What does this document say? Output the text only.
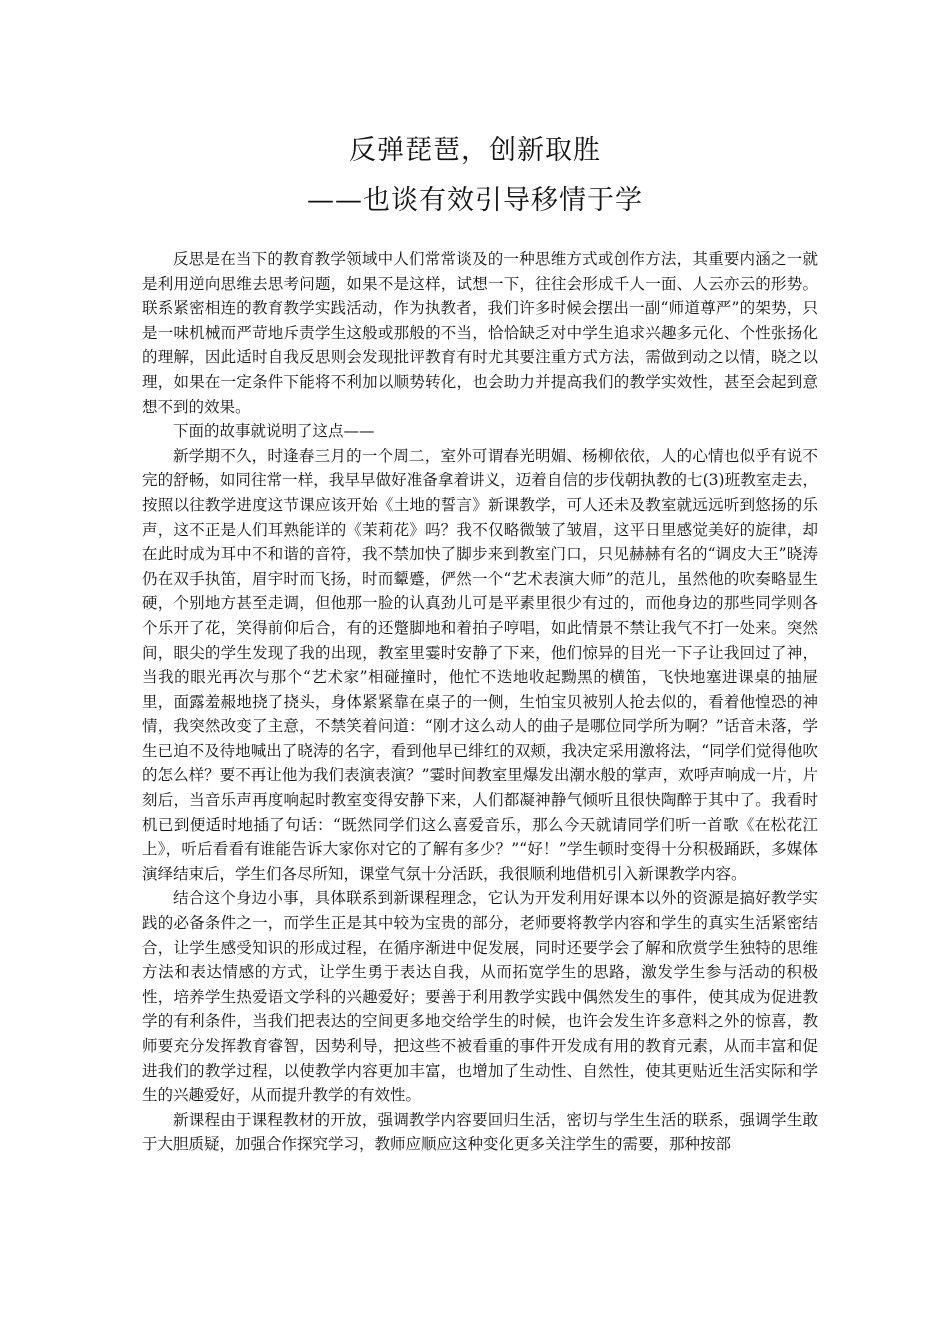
反弹琵琶，创新取胜
——也谈有效引导移情于学

反思是在当下的教育教学领域中人们常常谈及的一种思维方式或创作方法，其重要内涵之一就是利用逆向思维去思考问题，如果不是这样，试想一下，往往会形成千人一面、人云亦云的形势。联系紧密相连的教育教学实践活动，作为执教者，我们许多时候会摆出一副“师道尊严”的架势，只是一味机械而严苛地斥责学生这般或那般的不当，恰恰缺乏对中学生追求兴趣多元化、个性张扬化的理解，因此适时自我反思则会发现批评教育有时尤其要注重方式方法，需做到动之以情，晓之以理，如果在一定条件下能将不利加以顺势转化，也会助力并提高我们的教学实效性，甚至会起到意想不到的效果。

下面的故事就说明了这点——

新学期不久，时逢春三月的一个周二，室外可谓春光明媚、杨柳依依，人的心情也似乎有说不完的舒畅，如同往常一样，我早早做好准备拿着讲义，迈着自信的步伐朝执教的七(3)班教室走去，按照以往教学进度这节课应该开始《土地的誓言》新课教学，可人还未及教室就远远听到悠扬的乐声，这不正是人们耳熟能详的《茉莉花》吗？我不仅略微皱了皱眉，这平日里感觉美好的旋律，却在此时成为耳中不和谐的音符，我不禁加快了脚步来到教室门口，只见赫赫有名的“调皮大王”晓涛仍在双手执笛，眉宇时而飞扬，时而颦蹙，俨然一个“艺术表演大师”的范儿，虽然他的吹奏略显生硬，个别地方甚至走调，但他那一脸的认真劲儿可是平素里很少有过的，而他身边的那些同学则各个乐开了花，笑得前仰后合，有的还蹩脚地和着拍子哼唱，如此情景不禁让我气不打一处来。突然间，眼尖的学生发现了我的出现，教室里霎时安静了下来，他们惊异的目光一下子让我回过了神，当我的眼光再次与那个“艺术家”相碰撞时，他忙不迭地收起黝黑的横笛，飞快地塞进课桌的抽屉里，面露羞赧地挠了挠头，身体紧紧靠在桌子的一侧，生怕宝贝被别人抢去似的，看着他惶恐的神情，我突然改变了主意，不禁笑着问道：“刚才这么动人的曲子是哪位同学所为啊？”话音未落，学生已迫不及待地喊出了晓涛的名字，看到他早已绯红的双颊，我决定采用激将法，“同学们觉得他吹的怎么样？要不再让他为我们表演表演？”霎时间教室里爆发出潮水般的掌声，欢呼声响成一片，片刻后，当音乐声再度响起时教室变得安静下来，人们都凝神静气倾听且很快陶醉于其中了。我看时机已到便适时地插了句话：“既然同学们这么喜爱音乐，那么今天就请同学们听一首歌《在松花江上》，听后看看有谁能告诉大家你对它的了解有多少？”“好！”学生顿时变得十分积极踊跃，多媒体演绎结束后，学生们各尽所知，课堂气氛十分活跃，我很顺利地借机引入新课教学内容。

结合这个身边小事，具体联系到新课程理念，它认为开发利用好课本以外的资源是搞好教学实践的必备条件之一，而学生正是其中较为宝贵的部分，老师要将教学内容和学生的真实生活紧密结合，让学生感受知识的形成过程，在循序渐进中促发展，同时还要学会了解和欣赏学生独特的思维方法和表达情感的方式，让学生勇于表达自我，从而拓宽学生的思路，激发学生参与活动的积极性，培养学生热爱语文学科的兴趣爱好；要善于利用教学实践中偶然发生的事件，使其成为促进教学的有利条件，当我们把表达的空间更多地交给学生的时候，也许会发生许多意料之外的惊喜，教师要充分发挥教育睿智，因势利导，把这些不被看重的事件开发成有用的教育元素，从而丰富和促进我们的教学过程，以使教学内容更加丰富，也增加了生动性、自然性，使其更贴近生活实际和学生的兴趣爱好，从而提升教学的有效性。

新课程由于课程教材的开放，强调教学内容要回归生活，密切与学生生活的联系，强调学生敢于大胆质疑，加强合作探究学习，教师应顺应这种变化更多关注学生的需要，那种按部
